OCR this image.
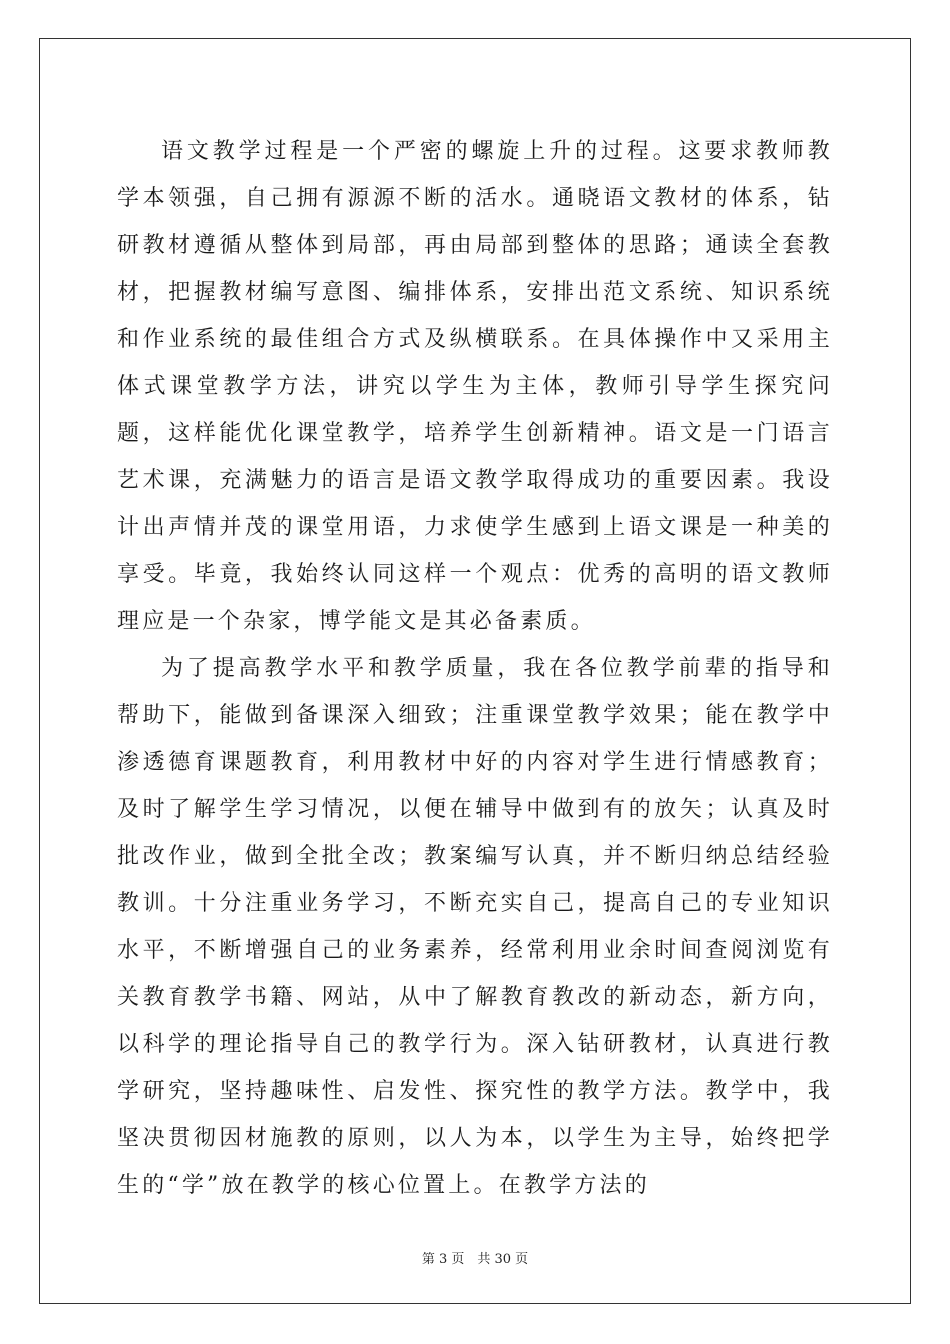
语文教学过程是一个严密的螺旋上升的过程。这要求教师教学本领强，自己拥有源源不断的活水。通晓语文教材的体系，钻研教材遵循从整体到局部，再由局部到整体的思路；通读全套教材，把握教材编写意图、编排体系，安排出范文系统、知识系统和作业系统的最佳组合方式及纵横联系。在具体操作中又采用主体式课堂教学方法，讲究以学生为主体，教师引导学生探究问题，这样能优化课堂教学，培养学生创新精神。语文是一门语言艺术课，充满魅力的语言是语文教学取得成功的重要因素。我设计出声情并茂的课堂用语，力求使学生感到上语文课是一种美的享受。毕竟，我始终认同这样一个观点：优秀的高明的语文教师理应是一个杂家，博学能文是其必备素质。

为了提高教学水平和教学质量，我在各位教学前辈的指导和帮助下，能做到备课深入细致；注重课堂教学效果；能在教学中渗透德育课题教育，利用教材中好的内容对学生进行情感教育；及时了解学生学习情况，以便在辅导中做到有的放矢；认真及时批改作业，做到全批全改；教案编写认真，并不断归纳总结经验教训。十分注重业务学习，不断充实自己，提高自己的专业知识水平，不断增强自己的业务素养，经常利用业余时间查阅浏览有关教育教学书籍、网站，从中了解教育教改的新动态，新方向，以科学的理论指导自己的教学行为。深入钻研教材，认真进行教学研究，坚持趣味性、启发性、探究性的教学方法。教学中，我坚决贯彻因材施教的原则，以人为本，以学生为主导，始终把学生的“学”放在教学的核心位置上。在教学方法的

第 3 页　共 30 页
